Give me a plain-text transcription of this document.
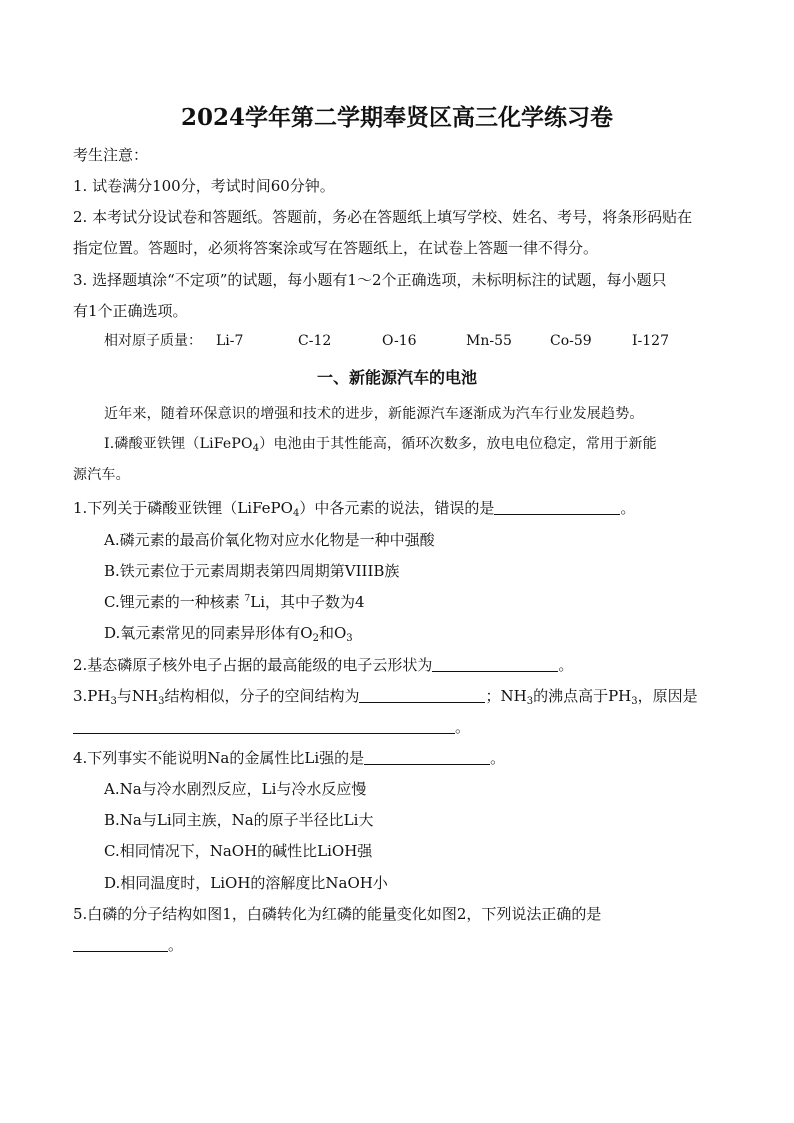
2024学年第二学期奉贤区高三化学练习卷
考生注意：
1. 试卷满分100分，考试时间60分钟。
2. 本考试分设试卷和答题纸。答题前，务必在答题纸上填写学校、姓名、考号，将条形码贴在
指定位置。答题时，必须将答案涂或写在答题纸上，在试卷上答题一律不得分。
3. 选择题填涂“不定项”的试题，每小题有1～2个正确选项，未标明标注的试题，每小题只
有1个正确选项。
相对原子质量： Li-7	C-12	O-16	Mn-55	Co-59	I-127
一、新能源汽车的电池
近年来，随着环保意识的增强和技术的进步，新能源汽车逐渐成为汽车行业发展趋势。
Ⅰ.磷酸亚铁锂（LiFePO$_4$）电池由于其性能高，循环次数多，放电电位稳定，常用于新能
源汽车。
1.下列关于磷酸亚铁锂（LiFePO$_4$）中各元素的说法，错误的是	。
A.磷元素的最高价氧化物对应水化物是一种中强酸
B.铁元素位于元素周期表第四周期第VIIIB族
C.锂元素的一种核素 $^7$Li，其中子数为4
D.氧元素常见的同素异形体有$O_2$和$O_3$
2.基态磷原子核外电子占据的最高能级的电子云形状为	。
$3.PH_3$与$NH_3$结构相似，分子的空间结构为	；$NH_3$的沸点高于$PH_3$，原因是
。
4.下列事实不能说明Na的金属性比Li强的是	。
A.Na与冷水剧烈反应，Li与冷水反应慢
B.Na与Li同主族，Na的原子半径比Li大
C.相同情况下，NaOH的碱性比LiOH强
D.相同温度时，LiOH的溶解度比NaOH小
5.白磷的分子结构如图1，白磷转化为红磷的能量变化如图2，下列说法正确的是
。
